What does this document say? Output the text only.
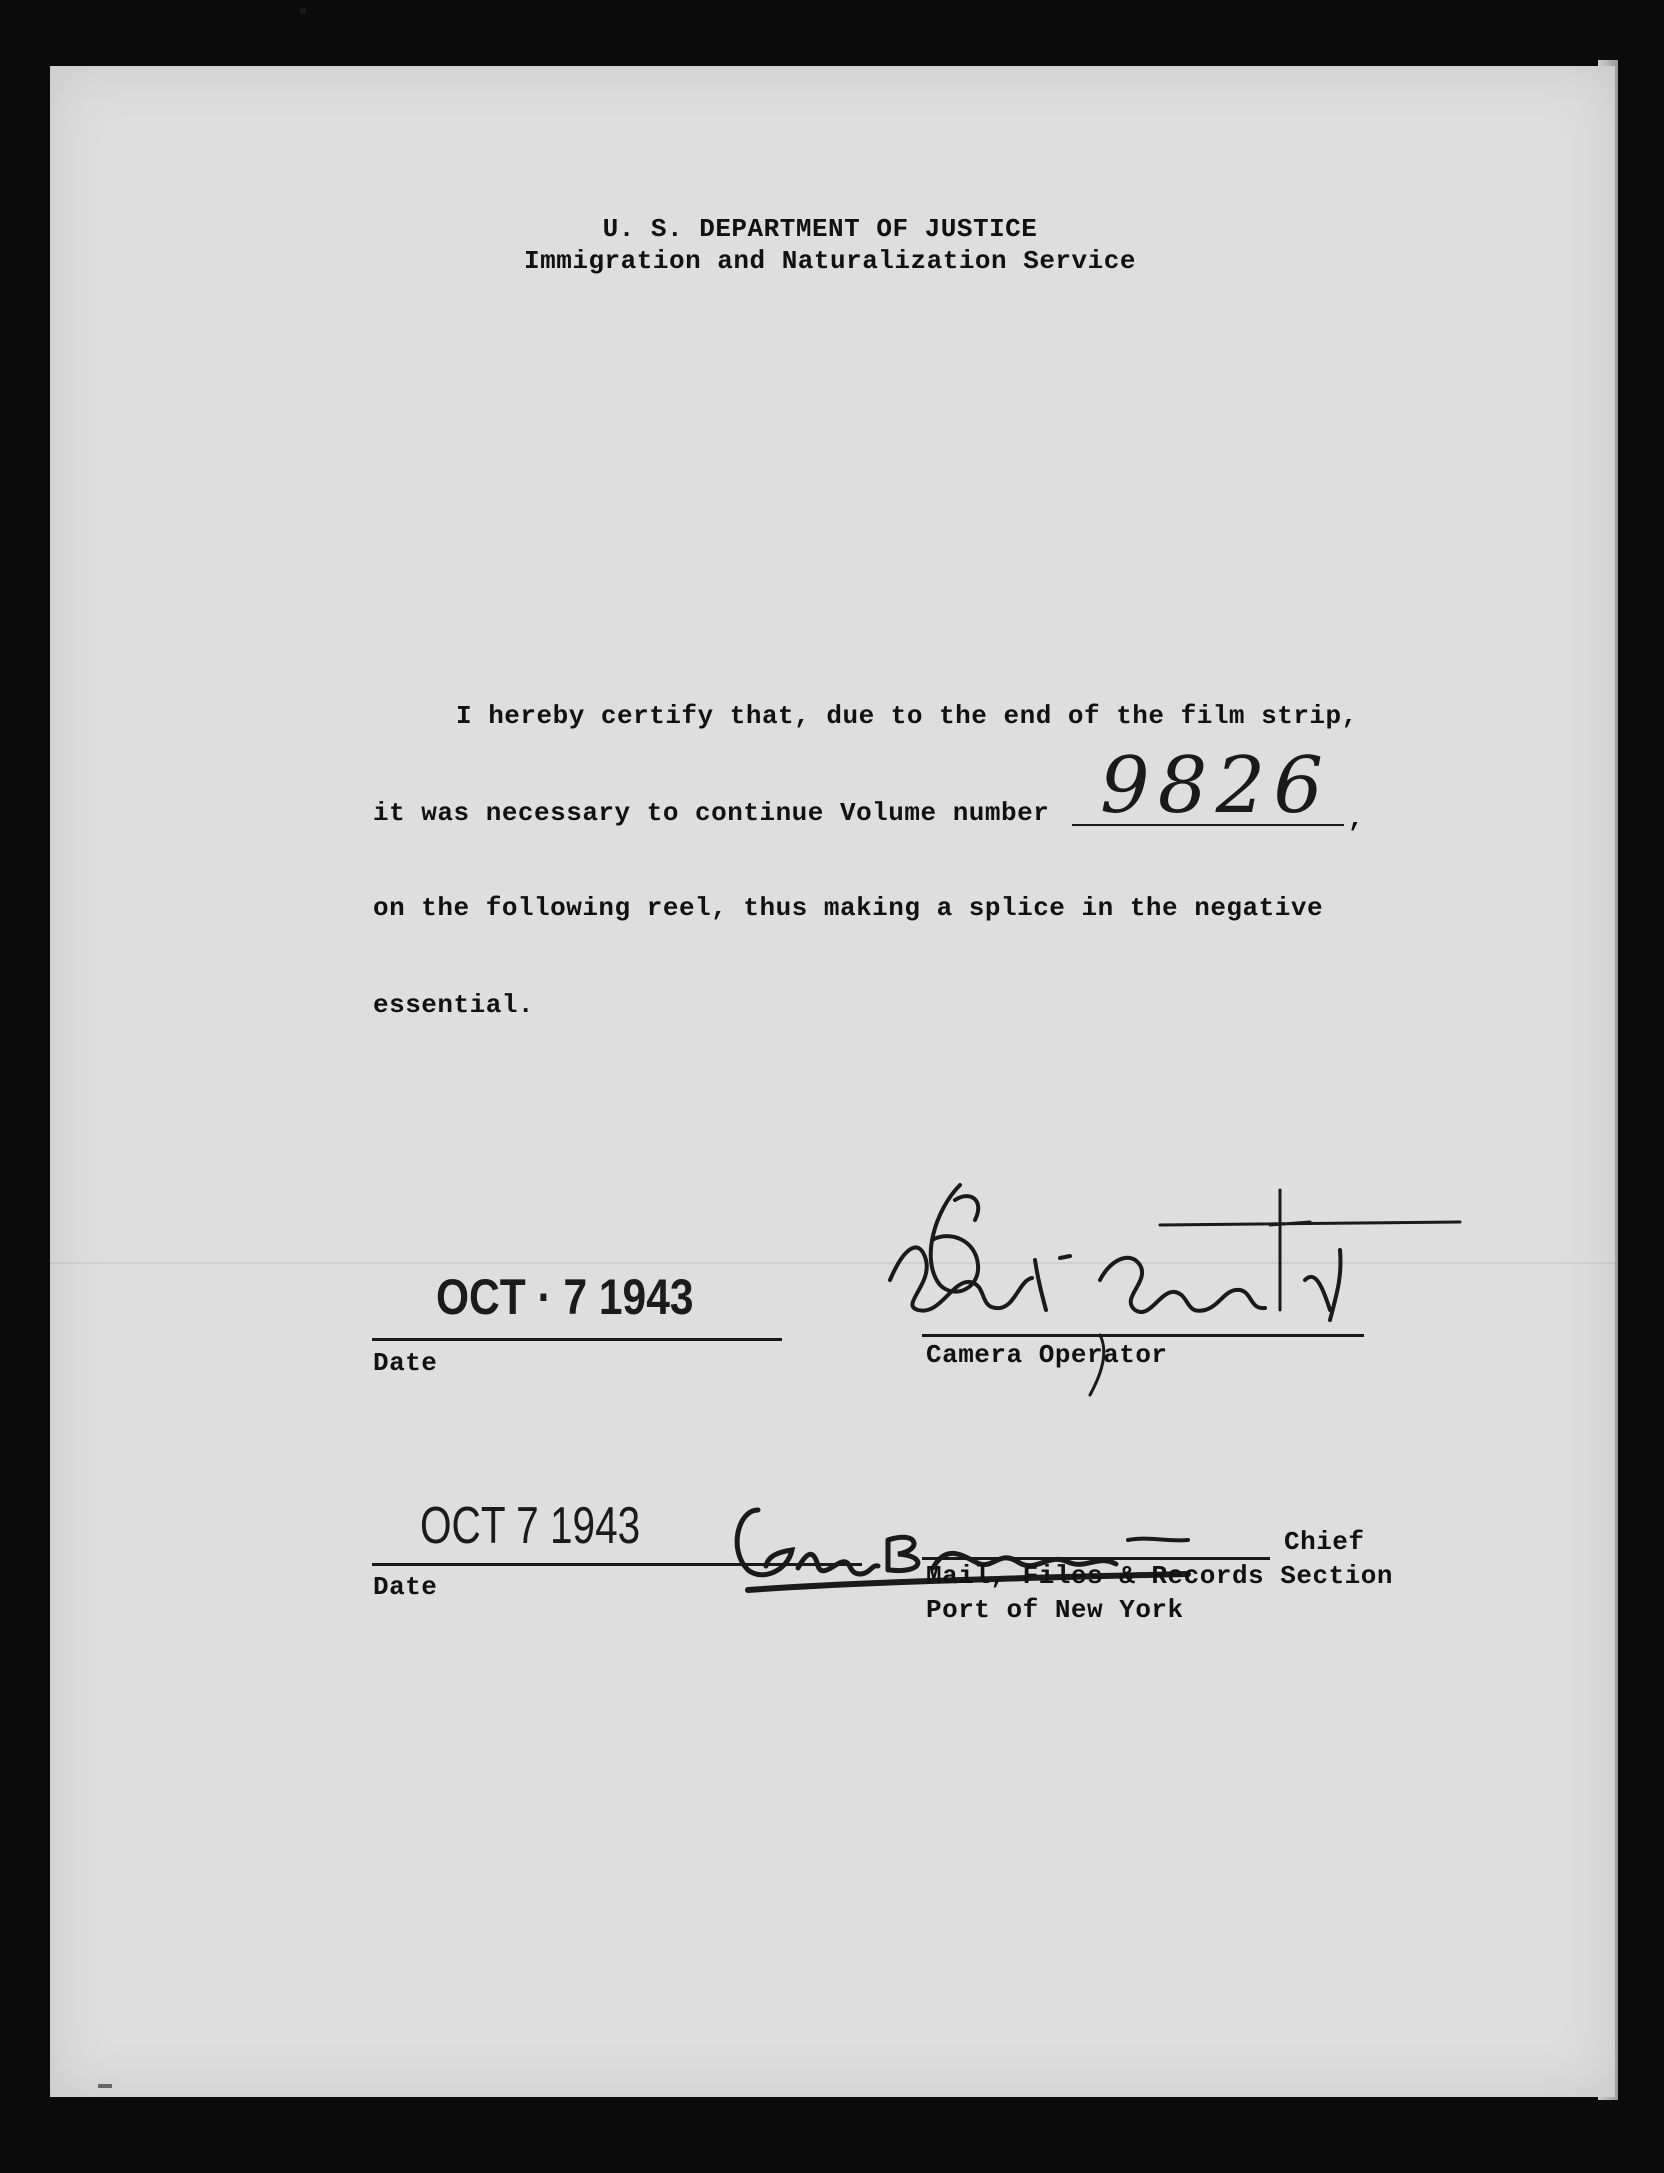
U. S. DEPARTMENT OF JUSTICE
Immigration and Naturalization Service
I hereby certify that, due to the end of the film strip,
it was necessary to continue Volume number	,
9826
on the following reel, thus making a splice in the negative
essential.
OCT · 7 1943
Date	Camera Operator
OCT 7 1943
Date
Chief
Mail, Files & Records Section
Port of New York
